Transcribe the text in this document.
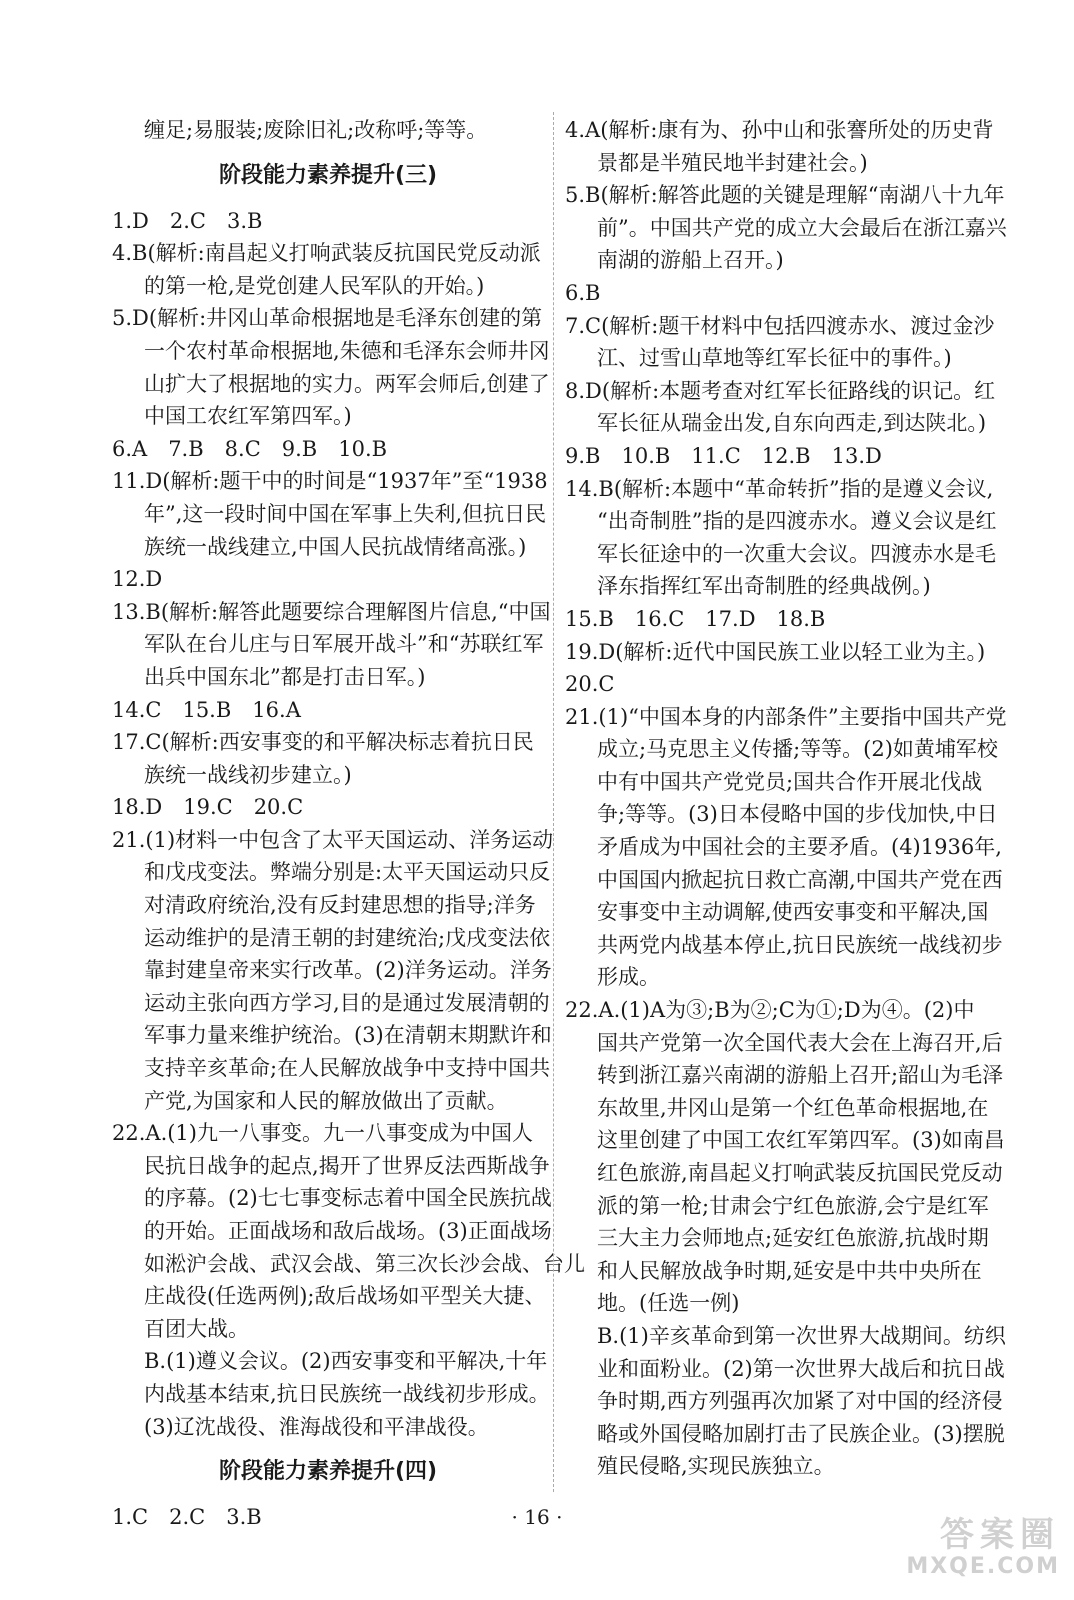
缠足;易服装;废除旧礼;改称呼;等等。
阶段能力素养提升(三)
1.D　2.C　3.B
4.B(解析:南昌起义打响武装反抗国民党反动派
的第一枪,是党创建人民军队的开始。)
5.D(解析:井冈山革命根据地是毛泽东创建的第
一个农村革命根据地,朱德和毛泽东会师井冈
山扩大了根据地的实力。两军会师后,创建了
中国工农红军第四军。)
6.A　7.B　8.C　9.B　10.B
11.D(解析:题干中的时间是“1937年”至“1938
年”,这一段时间中国在军事上失利,但抗日民
族统一战线建立,中国人民抗战情绪高涨。)
12.D
13.B(解析:解答此题要综合理解图片信息,“中国
军队在台儿庄与日军展开战斗”和“苏联红军
出兵中国东北”都是打击日军。)
14.C　15.B　16.A
17.C(解析:西安事变的和平解决标志着抗日民
族统一战线初步建立。)
18.D　19.C　20.C
21.(1)材料一中包含了太平天国运动、洋务运动
和戊戌变法。弊端分别是:太平天国运动只反
对清政府统治,没有反封建思想的指导;洋务
运动维护的是清王朝的封建统治;戊戌变法依
靠封建皇帝来实行改革。(2)洋务运动。洋务
运动主张向西方学习,目的是通过发展清朝的
军事力量来维护统治。(3)在清朝末期默许和
支持辛亥革命;在人民解放战争中支持中国共
产党,为国家和人民的解放做出了贡献。
22.A.(1)九一八事变。九一八事变成为中国人
民抗日战争的起点,揭开了世界反法西斯战争
的序幕。(2)七七事变标志着中国全民族抗战
的开始。正面战场和敌后战场。(3)正面战场
如淞沪会战、武汉会战、第三次长沙会战、台儿
庄战役(任选两例);敌后战场如平型关大捷、
百团大战。
B.(1)遵义会议。(2)西安事变和平解决,十年
内战基本结束,抗日民族统一战线初步形成。
(3)辽沈战役、淮海战役和平津战役。
阶段能力素养提升(四)
1.C　2.C　3.B
4.A(解析:康有为、孙中山和张謇所处的历史背
景都是半殖民地半封建社会。)
5.B(解析:解答此题的关键是理解“南湖八十九年
前”。中国共产党的成立大会最后在浙江嘉兴
南湖的游船上召开。)
6.B
7.C(解析:题干材料中包括四渡赤水、渡过金沙
江、过雪山草地等红军长征中的事件。)
8.D(解析:本题考查对红军长征路线的识记。红
军长征从瑞金出发,自东向西走,到达陕北。)
9.B　10.B　11.C　12.B　13.D
14.B(解析:本题中“革命转折”指的是遵义会议,
“出奇制胜”指的是四渡赤水。遵义会议是红
军长征途中的一次重大会议。四渡赤水是毛
泽东指挥红军出奇制胜的经典战例。)
15.B　16.C　17.D　18.B
19.D(解析:近代中国民族工业以轻工业为主。)
20.C
21.(1)“中国本身的内部条件”主要指中国共产党
成立;马克思主义传播;等等。(2)如黄埔军校
中有中国共产党党员;国共合作开展北伐战
争;等等。(3)日本侵略中国的步伐加快,中日
矛盾成为中国社会的主要矛盾。(4)1936年,
中国国内掀起抗日救亡高潮,中国共产党在西
安事变中主动调解,使西安事变和平解决,国
共两党内战基本停止,抗日民族统一战线初步
形成。
22.A.(1)A为③;B为②;C为①;D为④。(2)中
国共产党第一次全国代表大会在上海召开,后
转到浙江嘉兴南湖的游船上召开;韶山为毛泽
东故里,井冈山是第一个红色革命根据地,在
这里创建了中国工农红军第四军。(3)如南昌
红色旅游,南昌起义打响武装反抗国民党反动
派的第一枪;甘肃会宁红色旅游,会宁是红军
三大主力会师地点;延安红色旅游,抗战时期
和人民解放战争时期,延安是中共中央所在
地。(任选一例)
B.(1)辛亥革命到第一次世界大战期间。纺织
业和面粉业。(2)第一次世界大战后和抗日战
争时期,西方列强再次加紧了对中国的经济侵
略或外国侵略加剧打击了民族企业。(3)摆脱
殖民侵略,实现民族独立。
· 16 ·	答案圈
MXQE.COM
